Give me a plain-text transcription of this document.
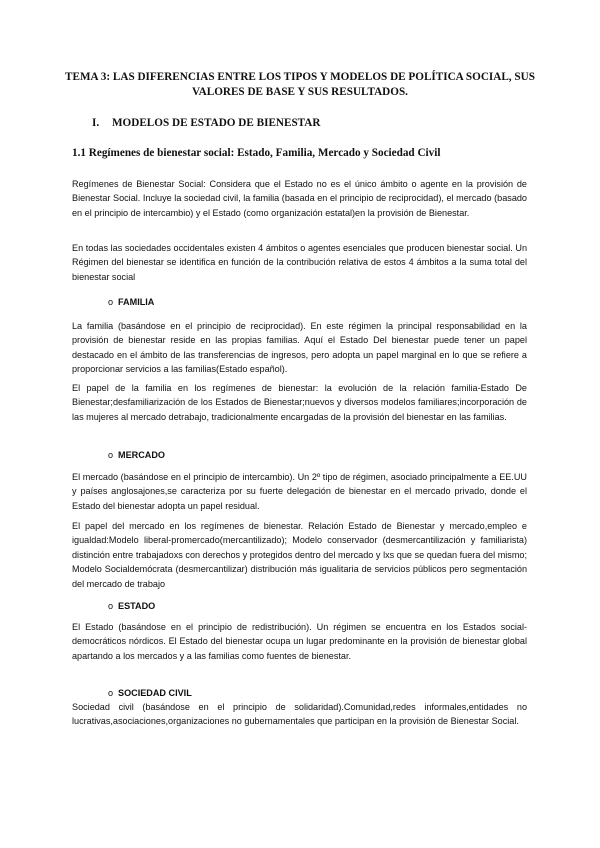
TEMA 3: LAS DIFERENCIAS ENTRE LOS TIPOS Y MODELOS DE POLÍTICA SOCIAL, SUS VALORES DE BASE Y SUS RESULTADOS.
I. MODELOS DE ESTADO DE BIENESTAR
1.1 Regímenes de bienestar social: Estado, Familia, Mercado y Sociedad Civil

Regímenes de Bienestar Social: Considera que el Estado no es el único ámbito o agente en la provisión de Bienestar Social. Incluye la sociedad civil, la familia (basada en el principio de reciprocidad), el mercado (basado en el principio de intercambio) y el Estado (como organización estatal)en la provisión de Bienestar.

En todas las sociedades occidentales existen 4 ámbitos o agentes esenciales que producen bienestar social. Un Régimen del bienestar se identifica en función de la contribución relativa de estos 4 ámbitos a la suma total del bienestar social

o FAMILIA

La familia (basándose en el principio de reciprocidad). En este régimen la principal responsabilidad en la provisión de bienestar reside en las propias familias. Aquí el Estado Del bienestar puede tener un papel destacado en el ámbito de las transferencias de ingresos, pero adopta un papel marginal en lo que se refiere a proporcionar servicios a las familias(Estado español).

El papel de la familia en los regímenes de bienestar: la evolución de la relación familia-Estado De Bienestar;desfamiliarización de los Estados de Bienestar;nuevos y diversos modelos familiares;incorporación de las mujeres al mercado detrabajo, tradicionalmente encargadas de la provisión del bienestar en las familias.

o MERCADO

El mercado (basándose en el principio de intercambio). Un 2º tipo de régimen, asociado principalmente a EE.UU y países anglosajones,se caracteriza por su fuerte delegación de bienestar en el mercado privado, donde el Estado del bienestar adopta un papel residual.

El papel del mercado en los regímenes de bienestar. Relación Estado de Bienestar y mercado,empleo e igualdad:Modelo liberal-promercado(mercantilizado); Modelo conservador (desmercantilización y familiarista) distinción entre trabajadoxs con derechos y protegidos dentro del mercado y lxs que se quedan fuera del mismo; Modelo Socialdemócrata (desmercantilizar) distribución más igualitaria de servicios públicos pero segmentación del mercado de trabajo

o ESTADO

El Estado (basándose en el principio de redistribución). Un régimen se encuentra en los Estados social-democráticos nórdicos. El Estado del bienestar ocupa un lugar predominante en la provisión de bienestar global apartando a los mercados y a las familias como fuentes de bienestar.

o SOCIEDAD CIVIL

Sociedad civil (basándose en el principio de solidaridad).Comunidad,redes informales,entidades no lucrativas,asociaciones,organizaciones no gubernamentales que participan en la provisión de Bienestar Social.
